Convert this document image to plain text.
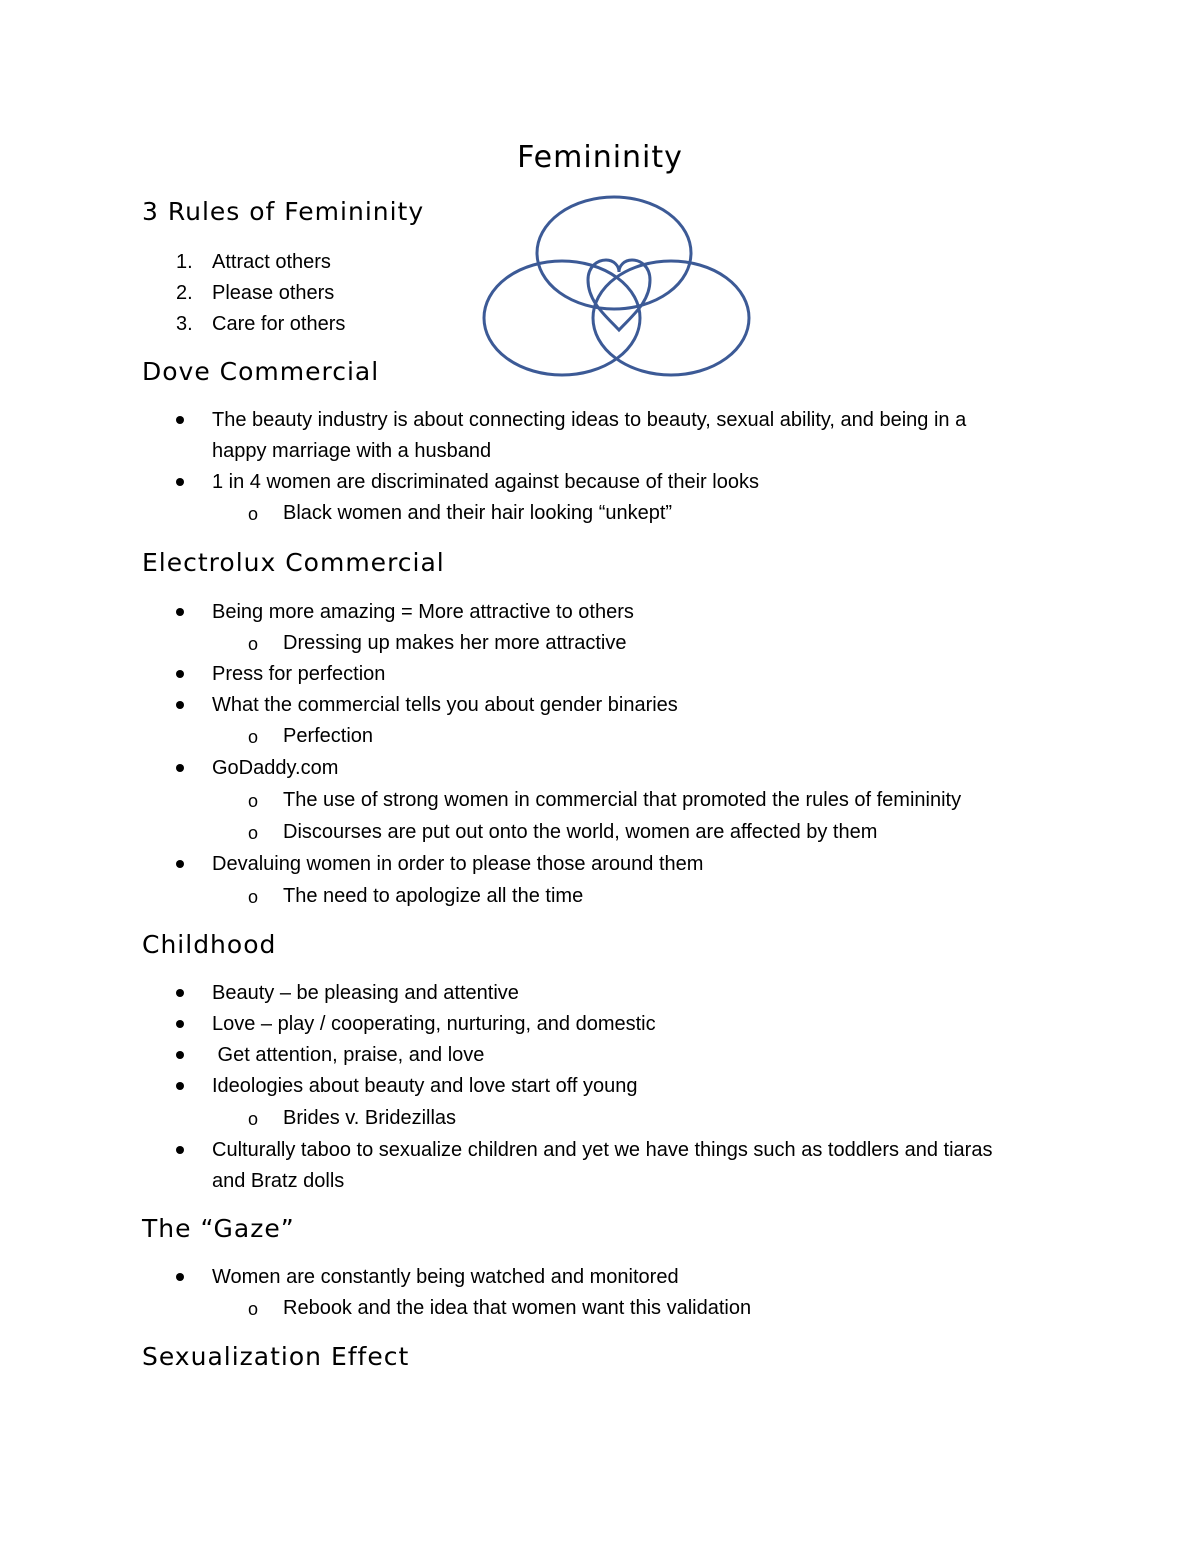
Femininity
3 Rules of Femininity
1. Attract others
2. Please others
3. Care for others
Dove Commercial
The beauty industry is about connecting ideas to beauty, sexual ability, and being in a
happy marriage with a husband
1 in 4 women are discriminated against because of their looks
o Black women and their hair looking “unkept”
Electrolux Commercial
Being more amazing = More attractive to others
o Dressing up makes her more attractive
Press for perfection
What the commercial tells you about gender binaries
o Perfection
GoDaddy.com
o The use of strong women in commercial that promoted the rules of femininity
o Discourses are put out onto the world, women are affected by them
Devaluing women in order to please those around them
o The need to apologize all the time
Childhood
Beauty – be pleasing and attentive
Love – play / cooperating, nurturing, and domestic
Get attention, praise, and love
Ideologies about beauty and love start off young
o Brides v. Bridezillas
Culturally taboo to sexualize children and yet we have things such as toddlers and tiaras
and Bratz dolls
The “Gaze”
Women are constantly being watched and monitored
o Rebook and the idea that women want this validation
Sexualization Effect
